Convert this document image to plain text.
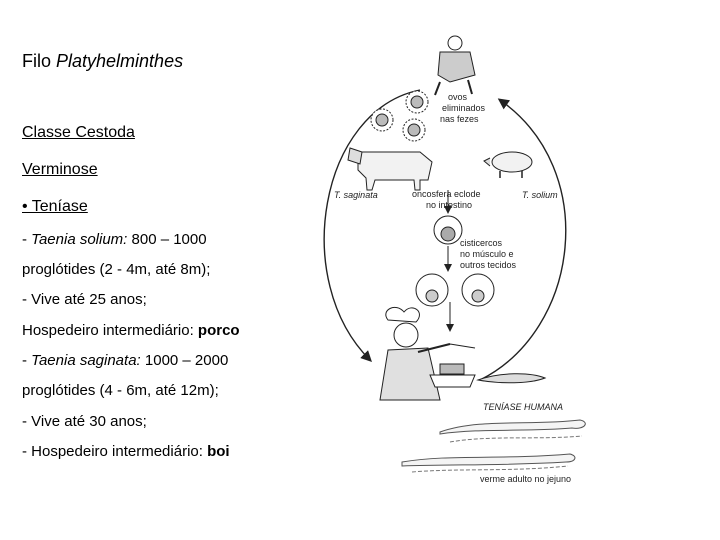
Filo Platyhelminthes
Classe Cestoda
Verminose
• Teníase
- Taenia solium: 800 – 1000
proglótides (2 - 4m, até 8m);
- Vive até 25 anos;
Hospedeiro intermediário: porco
- Taenia saginata: 1000 – 2000
proglótides (4 - 6m, até 12m);
- Vive até 30 anos;
- Hospedeiro intermediário: boi
ovos
eliminados
nas fezes
T. saginata	T. solium
oncosfera eclode
no intestino
cisticercos
no músculo e
outros tecidos
TENÍASE HUMANA
verme adulto no jejuno
